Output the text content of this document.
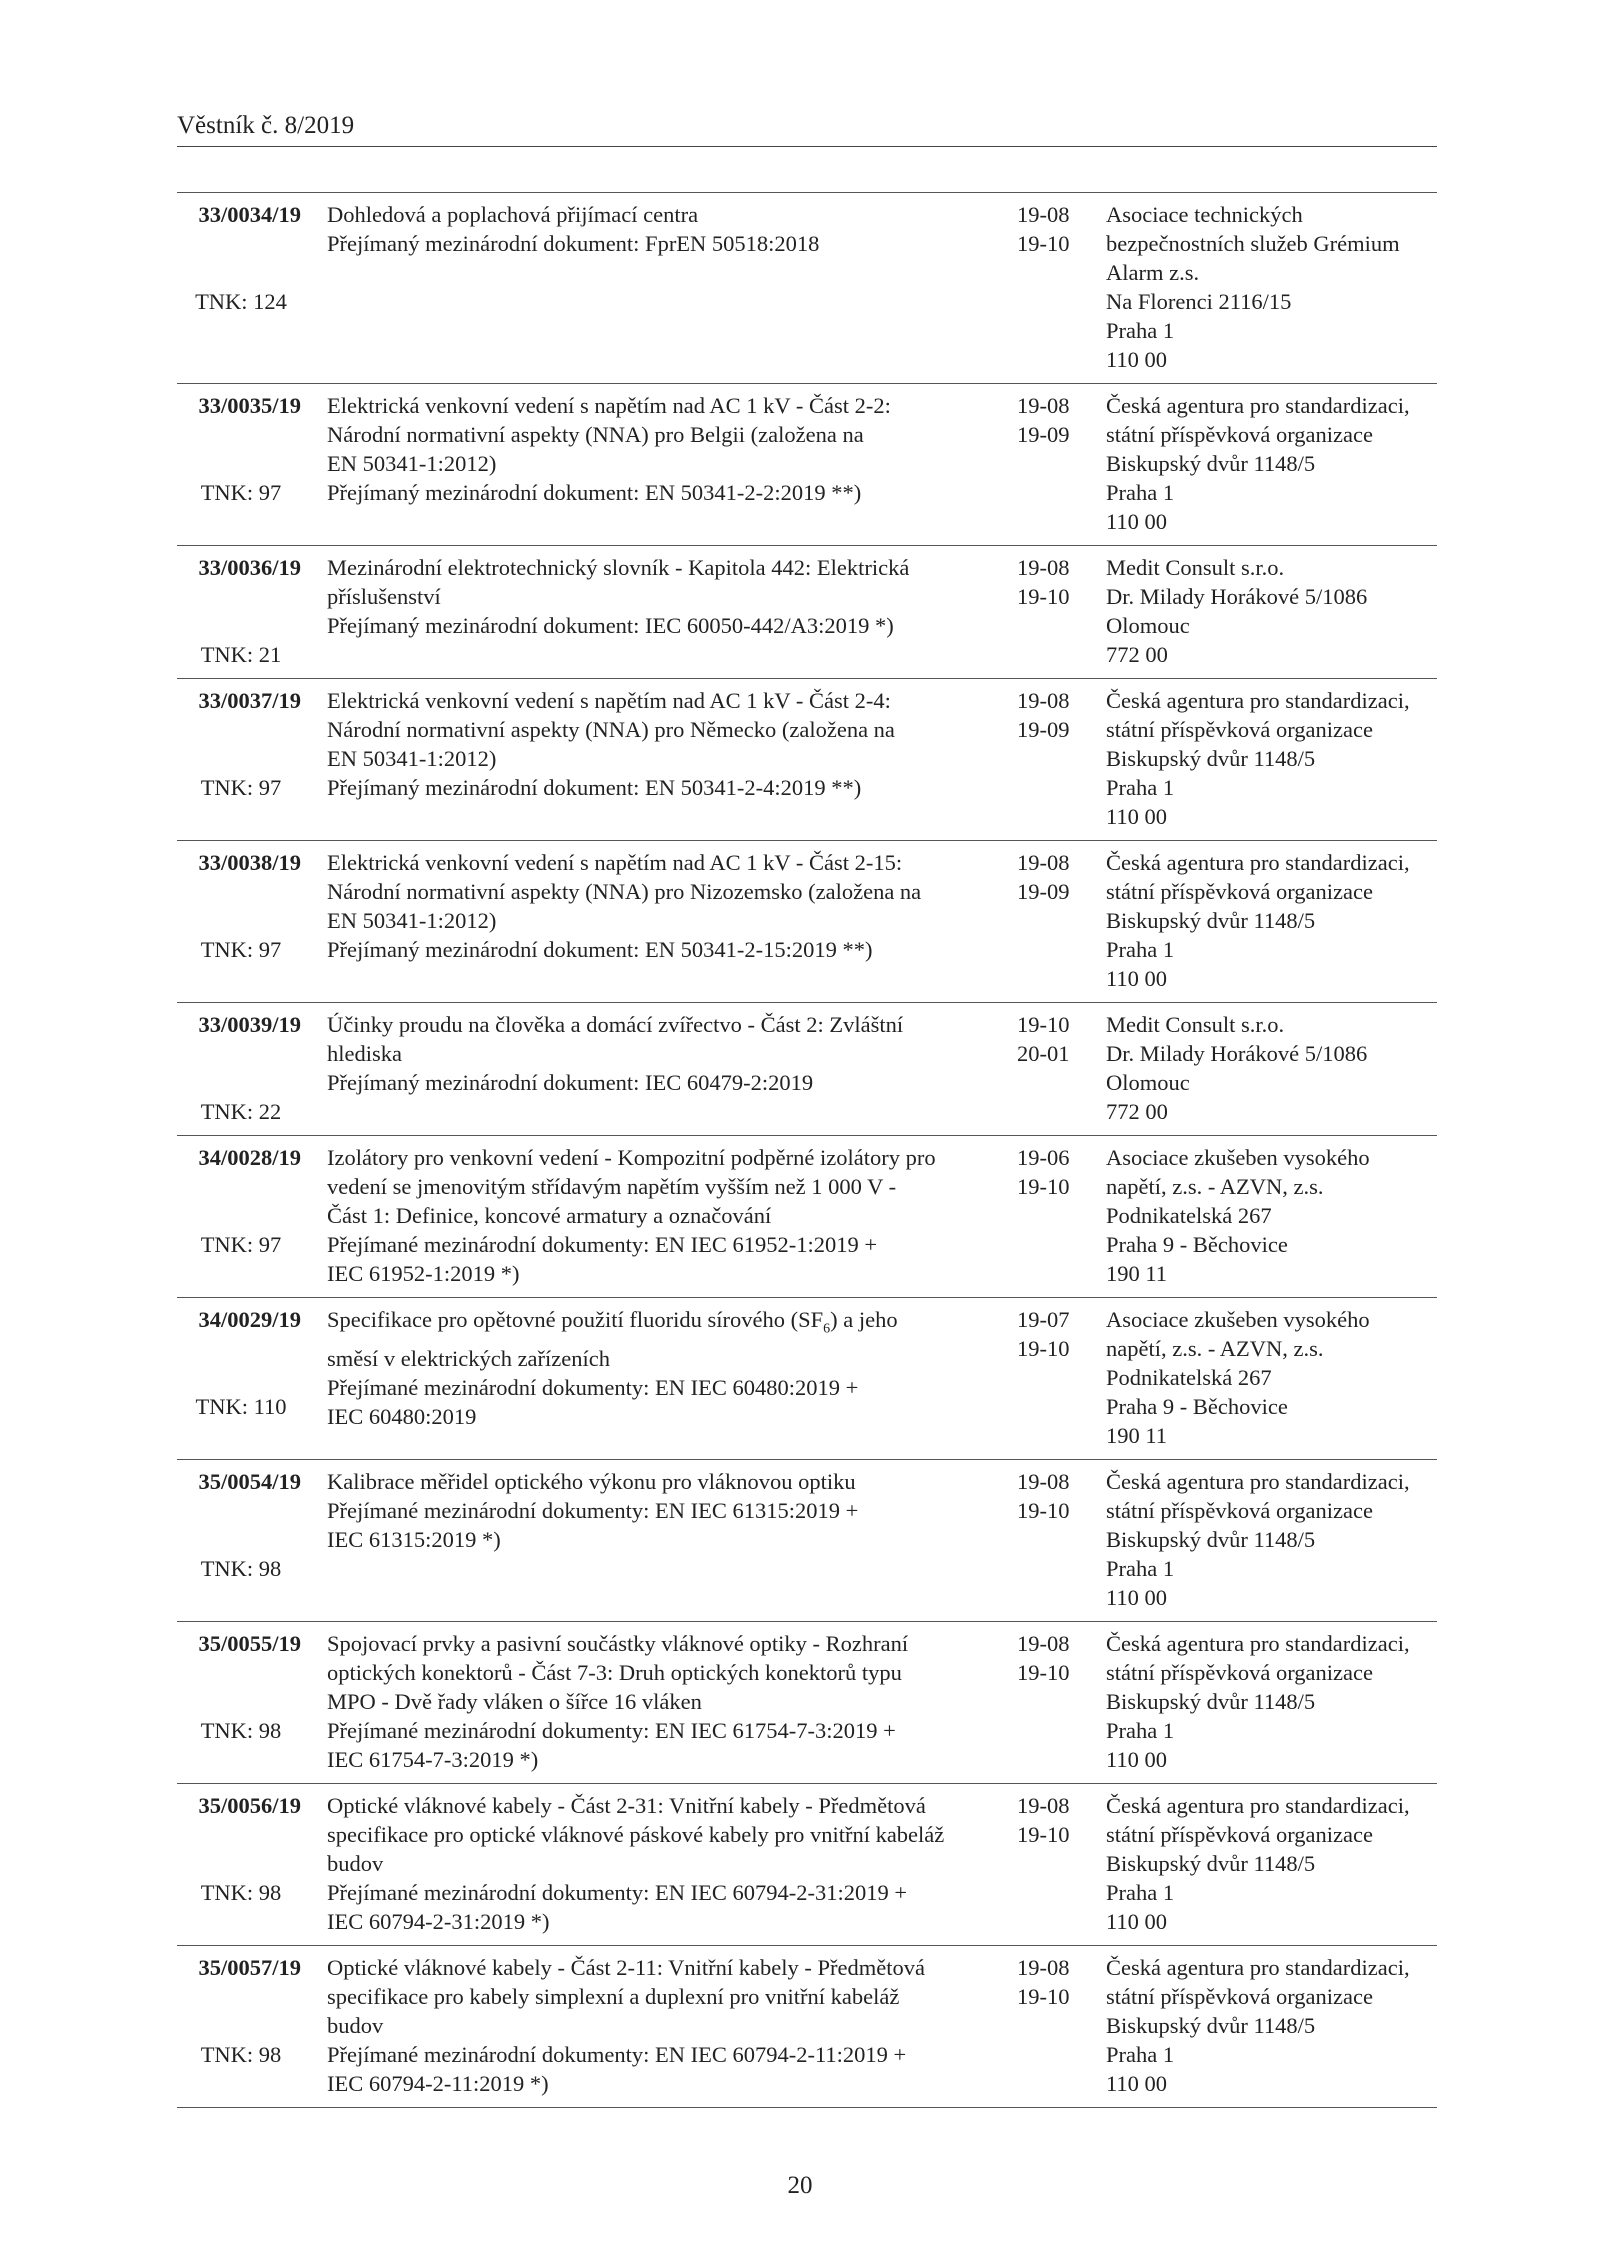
Věstník č. 8/2019
33/0034/19
TNK: 124
Dohledová a poplachová přijímací centra
Přejímaný mezinárodní dokument: FprEN 50518:2018
19-08
19-10
Asociace technických
bezpečnostních služeb Grémium
Alarm z.s.
Na Florenci 2116/15
Praha 1
110 00
33/0035/19
TNK: 97
Elektrická venkovní vedení s napětím nad AC 1 kV - Část 2-2:
Národní normativní aspekty (NNA) pro Belgii (založena na
EN 50341-1:2012)
Přejímaný mezinárodní dokument: EN 50341-2-2:2019 **)
19-08
19-09
Česká agentura pro standardizaci,
státní příspěvková organizace
Biskupský dvůr 1148/5
Praha 1
110 00
33/0036/19
TNK: 21
Mezinárodní elektrotechnický slovník - Kapitola 442: Elektrická
příslušenství
Přejímaný mezinárodní dokument: IEC 60050-442/A3:2019 *)
19-08
19-10
Medit Consult s.r.o.
Dr. Milady Horákové 5/1086
Olomouc
772 00
33/0037/19
TNK: 97
Elektrická venkovní vedení s napětím nad AC 1 kV - Část 2-4:
Národní normativní aspekty (NNA) pro Německo (založena na
EN 50341-1:2012)
Přejímaný mezinárodní dokument: EN 50341-2-4:2019 **)
19-08
19-09
Česká agentura pro standardizaci,
státní příspěvková organizace
Biskupský dvůr 1148/5
Praha 1
110 00
33/0038/19
TNK: 97
Elektrická venkovní vedení s napětím nad AC 1 kV - Část 2-15:
Národní normativní aspekty (NNA) pro Nizozemsko (založena na
EN 50341-1:2012)
Přejímaný mezinárodní dokument: EN 50341-2-15:2019 **)
19-08
19-09
Česká agentura pro standardizaci,
státní příspěvková organizace
Biskupský dvůr 1148/5
Praha 1
110 00
33/0039/19
TNK: 22
Účinky proudu na člověka a domácí zvířectvo - Část 2: Zvláštní
hlediska
Přejímaný mezinárodní dokument: IEC 60479-2:2019
19-10
20-01
Medit Consult s.r.o.
Dr. Milady Horákové 5/1086
Olomouc
772 00
34/0028/19
TNK: 97
Izolátory pro venkovní vedení - Kompozitní podpěrné izolátory pro
vedení se jmenovitým střídavým napětím vyšším než 1 000 V -
Část 1: Definice, koncové armatury a označování
Přejímané mezinárodní dokumenty: EN IEC 61952-1:2019 +
IEC 61952-1:2019 *)
19-06
19-10
Asociace zkušeben vysokého
napětí, z.s. - AZVN, z.s.
Podnikatelská 267
Praha 9 - Běchovice
190 11
34/0029/19
TNK: 110
Specifikace pro opětovné použití fluoridu sírového $(SF_6)$ a jeho
směsí v elektrických zařízeních
Přejímané mezinárodní dokumenty: EN IEC 60480:2019 +
IEC 60480:2019
19-07
19-10
Asociace zkušeben vysokého
napětí, z.s. - AZVN, z.s.
Podnikatelská 267
Praha 9 - Běchovice
190 11
35/0054/19
TNK: 98
Kalibrace měřidel optického výkonu pro vláknovou optiku
Přejímané mezinárodní dokumenty: EN IEC 61315:2019 +
IEC 61315:2019 *)
19-08
19-10
Česká agentura pro standardizaci,
státní příspěvková organizace
Biskupský dvůr 1148/5
Praha 1
110 00
35/0055/19
TNK: 98
Spojovací prvky a pasivní součástky vláknové optiky - Rozhraní
optických konektorů - Část 7-3: Druh optických konektorů typu
MPO - Dvě řady vláken o šířce 16 vláken
Přejímané mezinárodní dokumenty: EN IEC 61754-7-3:2019 +
IEC 61754-7-3:2019 *)
19-08
19-10
Česká agentura pro standardizaci,
státní příspěvková organizace
Biskupský dvůr 1148/5
Praha 1
110 00
35/0056/19
TNK: 98
Optické vláknové kabely - Část 2-31: Vnitřní kabely - Předmětová
specifikace pro optické vláknové páskové kabely pro vnitřní kabeláž
budov
Přejímané mezinárodní dokumenty: EN IEC 60794-2-31:2019 +
IEC 60794-2-31:2019 *)
19-08
19-10
Česká agentura pro standardizaci,
státní příspěvková organizace
Biskupský dvůr 1148/5
Praha 1
110 00
35/0057/19
TNK: 98
Optické vláknové kabely - Část 2-11: Vnitřní kabely - Předmětová
specifikace pro kabely simplexní a duplexní pro vnitřní kabeláž
budov
Přejímané mezinárodní dokumenty: EN IEC 60794-2-11:2019 +
IEC 60794-2-11:2019 *)
19-08
19-10
Česká agentura pro standardizaci,
státní příspěvková organizace
Biskupský dvůr 1148/5
Praha 1
110 00
20
